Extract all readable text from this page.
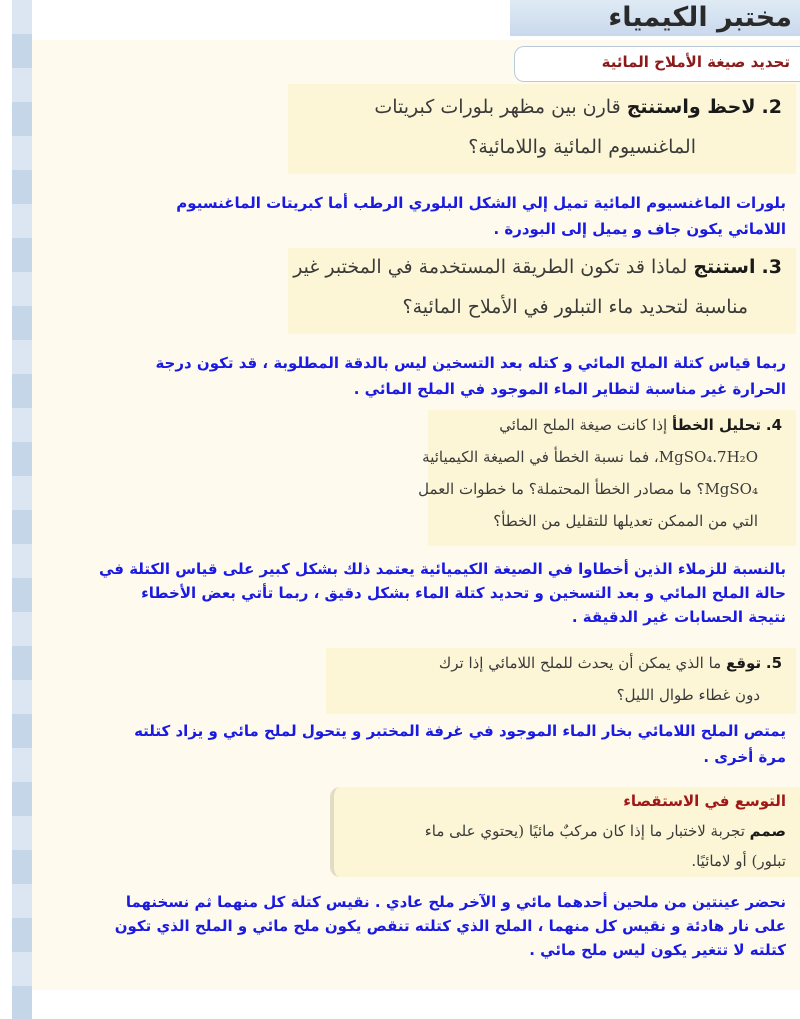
مختبر الكيمياء
تحديد صيغة الأملاح المائية
2. لاحظ واستنتج قارن بين مظهر بلورات كبريتات
الماغنسيوم المائية واللامائية؟

بلورات الماغنسيوم المائية تميل إلي الشكل البلوري الرطب أما كبريتات الماغنسيوم
اللامائي يكون جاف و يميل إلى البودرة .

3. استنتج لماذا قد تكون الطريقة المستخدمة في المختبر غير
مناسبة لتحديد ماء التبلور في الأملاح المائية؟

ربما قياس كتلة الملح المائي و كتله بعد التسخين ليس بالدقة المطلوبة ، قد تكون درجة
الحرارة غير مناسبة لتطاير الماء الموجود في الملح المائي .

4. تحليل الخطأ إذا كانت صيغة الملح المائي
MgSO₄.7H₂O، فما نسبة الخطأ في الصيغة الكيميائية
MgSO₄؟ ما مصادر الخطأ المحتملة؟ ما خطوات العمل
التي من الممكن تعديلها للتقليل من الخطأ؟

بالنسبة للزملاء الذين أخطاوا في الصيغة الكيميائية يعتمد ذلك بشكل كبير على قياس الكتلة في
حالة الملح المائي و بعد التسخين و تحديد كتلة الماء بشكل دقيق ، ربما تأتي بعض الأخطاء
نتيجة الحسابات غير الدقيقة .

5. توقع ما الذي يمكن أن يحدث للملح اللامائي إذا ترك
دون غطاء طوال الليل؟

يمتص الملح اللامائي بخار الماء الموجود في غرفة المختبر و يتحول لملح مائي و يزاد كتلته
مرة أخرى .

التوسع في الاستقصاء
صمم تجربة لاختبار ما إذا كان مركبٌ مائيًا (يحتوي على ماء
تبلور) أو لامائيًا.

نحضر عينتين من ملحين أحدهما مائي و الآخر ملح عادي . نقيس كتلة كل منهما ثم نسخنهما
على نار هادئة و نقيس كل منهما ، الملح الذي كتلته تنقص يكون ملح مائي و الملح الذي تكون
كتلته لا تتغير يكون ليس ملح مائي .
